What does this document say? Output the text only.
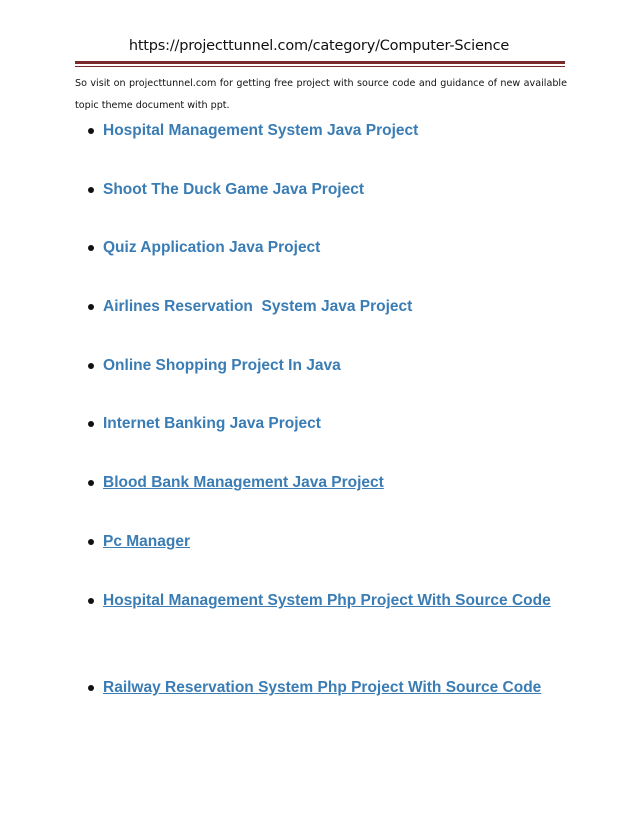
https://projecttunnel.com/category/Computer-Science

So visit on projecttunnel.com for getting free project with source code and guidance of new available topic theme document with ppt.

Hospital Management System Java Project
Shoot The Duck Game Java Project
Quiz Application Java Project
Airlines Reservation  System Java Project
Online Shopping Project In Java
Internet Banking Java Project
Blood Bank Management Java Project
Pc Manager
Hospital Management System Php Project With Source Code
Railway Reservation System Php Project With Source Code
